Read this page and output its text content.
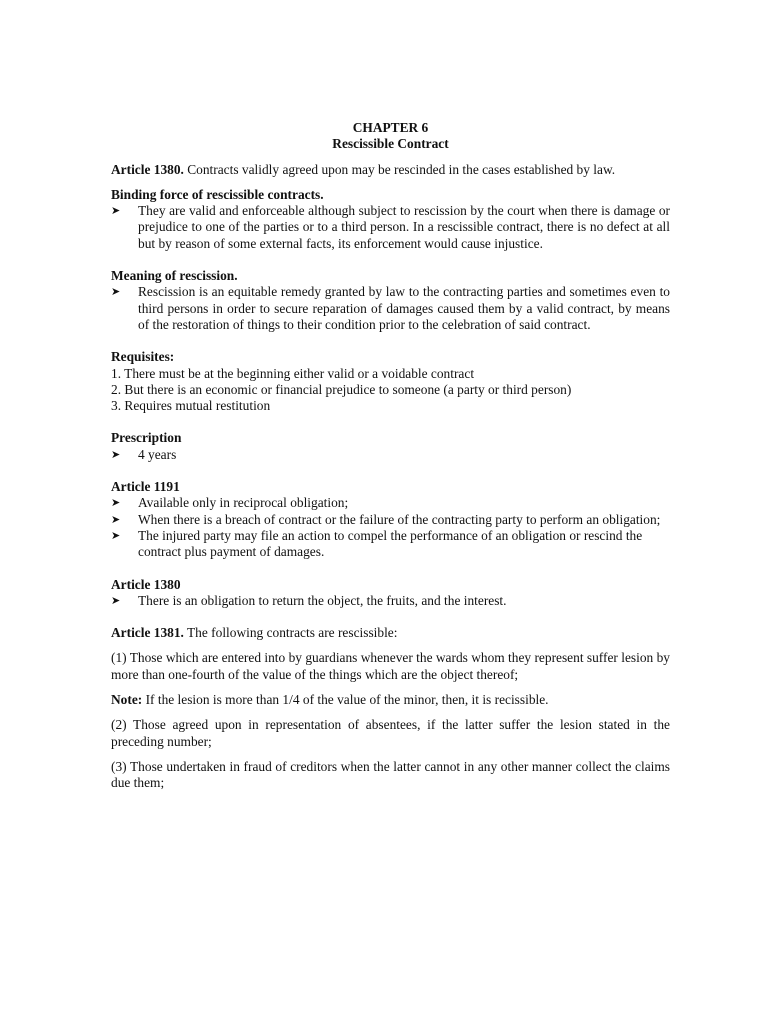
CHAPTER 6

Rescissible Contract

Article 1380. Contracts validly agreed upon may be rescinded in the cases established by law.

Binding force of rescissible contracts.

➤	They are valid and enforceable although subject to rescission by the court when there is damage or prejudice to one of the parties or to a third person. In a rescissible contract, there is no defect at all but by reason of some external facts, its enforcement would cause injustice.

Meaning of rescission.

➤	Rescission is an equitable remedy granted by law to the contracting parties and sometimes even to third persons in order to secure reparation of damages caused them by a valid contract, by means of the restoration of things to their condition prior to the celebration of said contract.

Requisites:

1. There must be at the beginning either valid or a voidable contract

2. But there is an economic or financial prejudice to someone (a party or third person)

3. Requires mutual restitution

Prescription

➤	4 years

Article 1191

➤	Available only in reciprocal obligation;
➤	When there is a breach of contract or the failure of the contracting party to perform an obligation;
➤	The injured party may file an action to compel the performance of an obligation or rescind the contract plus payment of damages.

Article 1380

➤	There is an obligation to return the object, the fruits, and the interest.

Article 1381. The following contracts are rescissible:

(1) Those which are entered into by guardians whenever the wards whom they represent suffer lesion by more than one-fourth of the value of the things which are the object thereof;

Note: If the lesion is more than 1/4 of the value of the minor, then, it is recissible.

(2) Those agreed upon in representation of absentees, if the latter suffer the lesion stated in the preceding number;

(3) Those undertaken in fraud of creditors when the latter cannot in any other manner collect the claims due them;
